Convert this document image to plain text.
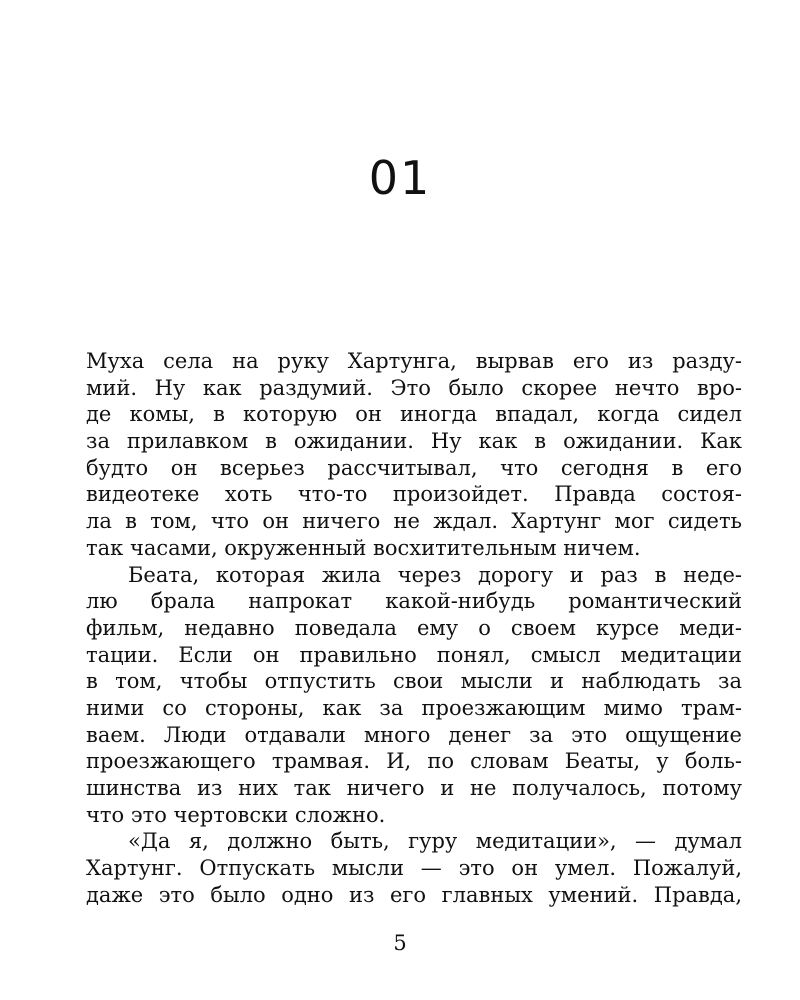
01
Муха села на руку Хартунга, вырвав его из разду-
мий. Ну как раздумий. Это было скорее нечто вро-
де комы, в которую он иногда впадал, когда сидел
за прилавком в ожидании. Ну как в ожидании. Как
будто он всерьез рассчитывал, что сегодня в его
видеотеке хоть что-то произойдет. Правда состоя-
ла в том, что он ничего не ждал. Хартунг мог сидеть
так часами, окруженный восхитительным ничем.
Беата, которая жила через дорогу и раз в неде-
лю брала напрокат какой-нибудь романтический
фильм, недавно поведала ему о своем курсе меди-
тации. Если он правильно понял, смысл медитации
в том, чтобы отпустить свои мысли и наблюдать за
ними со стороны, как за проезжающим мимо трам-
ваем. Люди отдавали много денег за это ощущение
проезжающего трамвая. И, по словам Беаты, у боль-
шинства из них так ничего и не получалось, потому
что это чертовски сложно.
«Да я, должно быть, гуру медитации», — думал
Хартунг. Отпускать мысли — это он умел. Пожалуй,
даже это было одно из его главных умений. Правда,
5
